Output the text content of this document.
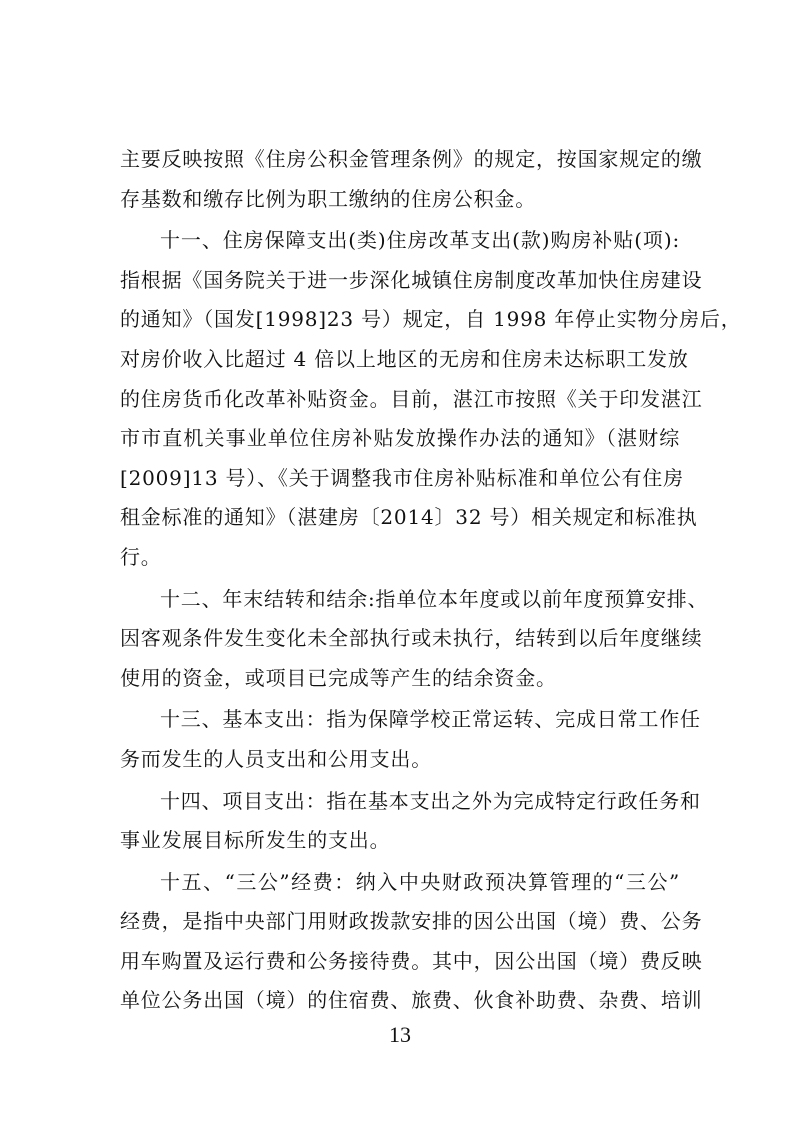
主要反映按照《住房公积金管理条例》的规定，按国家规定的缴
存基数和缴存比例为职工缴纳的住房公积金。
十一、住房保障支出(类)住房改革支出(款)购房补贴(项):
指根据《国务院关于进一步深化城镇住房制度改革加快住房建设
的通知》（国发[1998]23 号）规定，自 1998 年停止实物分房后，
对房价收入比超过 4 倍以上地区的无房和住房未达标职工发放
的住房货币化改革补贴资金。目前，湛江市按照《关于印发湛江
市市直机关事业单位住房补贴发放操作办法的通知》（湛财综
[2009]13 号）、《关于调整我市住房补贴标准和单位公有住房
租金标准的通知》（湛建房〔2014〕32 号）相关规定和标准执
行。
十二、年末结转和结余:指单位本年度或以前年度预算安排、
因客观条件发生变化未全部执行或未执行，结转到以后年度继续
使用的资金，或项目已完成等产生的结余资金。
十三、基本支出：指为保障学校正常运转、完成日常工作任
务而发生的人员支出和公用支出。
十四、项目支出：指在基本支出之外为完成特定行政任务和
事业发展目标所发生的支出。
十五、“三公”经费：纳入中央财政预决算管理的“三公”
经费，是指中央部门用财政拨款安排的因公出国（境）费、公务
用车购置及运行费和公务接待费。其中，因公出国（境）费反映
单位公务出国（境）的住宿费、旅费、伙食补助费、杂费、培训
13
